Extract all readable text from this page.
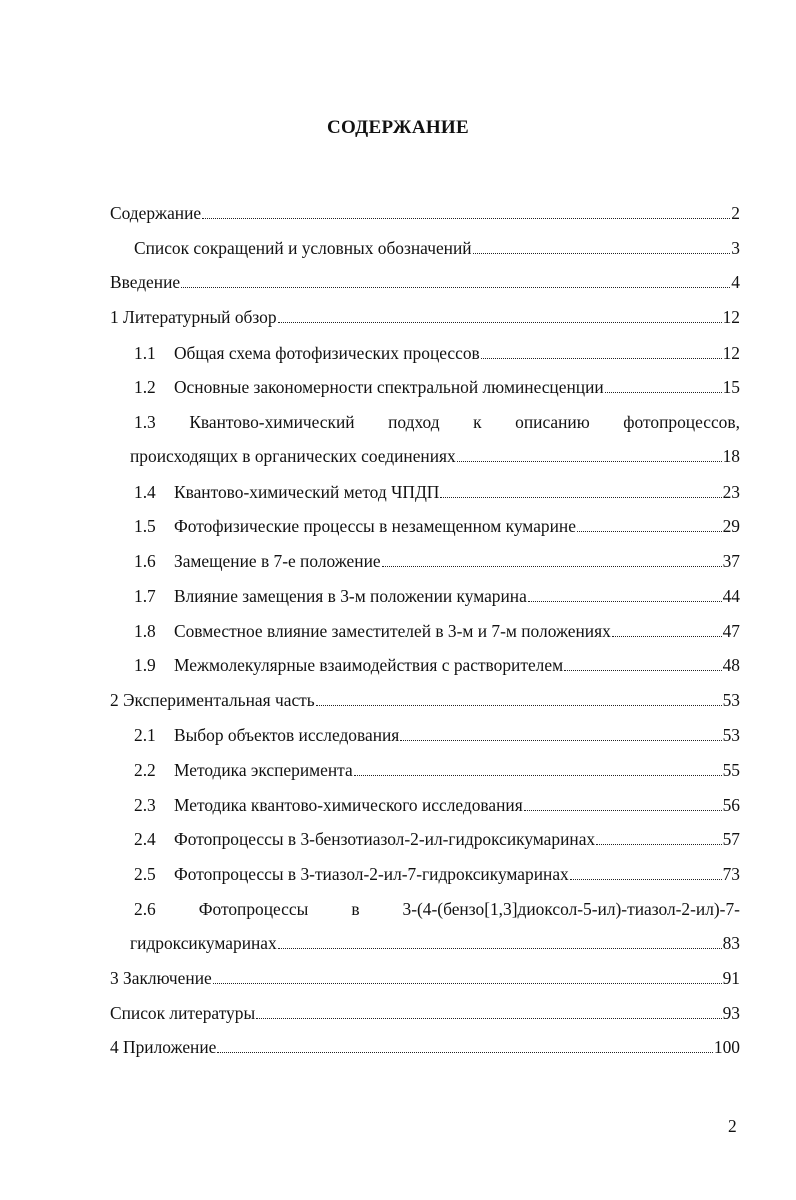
СОДЕРЖАНИЕ
Содержание	2
Список сокращений и условных обозначений	3
Введение	4
1 Литературный обзор	12
1.1	Общая схема фотофизических процессов	12
1.2	Основные закономерности спектральной люминесценции	15
1.3 Квантово-химический подход к описанию фотопроцессов,
происходящих в органических соединениях	18
1.4	Квантово-химический метод ЧПДП	23
1.5	Фотофизические процессы в незамещенном кумарине	29
1.6	Замещение в 7-е положение	37
1.7	Влияние замещения в 3-м положении кумарина	44
1.8	Совместное влияние заместителей в 3-м и 7-м положениях	47
1.9	Межмолекулярные взаимодействия с растворителем	48
2 Экспериментальная часть	53
2.1	Выбор объектов исследования	53
2.2	Методика эксперимента	55
2.3	Методика квантово-химического исследования	56
2.4	Фотопроцессы в 3-бензотиазол-2-ил-гидроксикумаринах	57
2.5	Фотопроцессы в 3-тиазол-2-ил-7-гидроксикумаринах	73
2.6 Фотопроцессы в 3-(4-(бензо[1,3]диоксол-5-ил)-тиазол-2-ил)-7-
гидроксикумаринах	83
3 Заключение	91
Список литературы	93
4 Приложение	100
2
